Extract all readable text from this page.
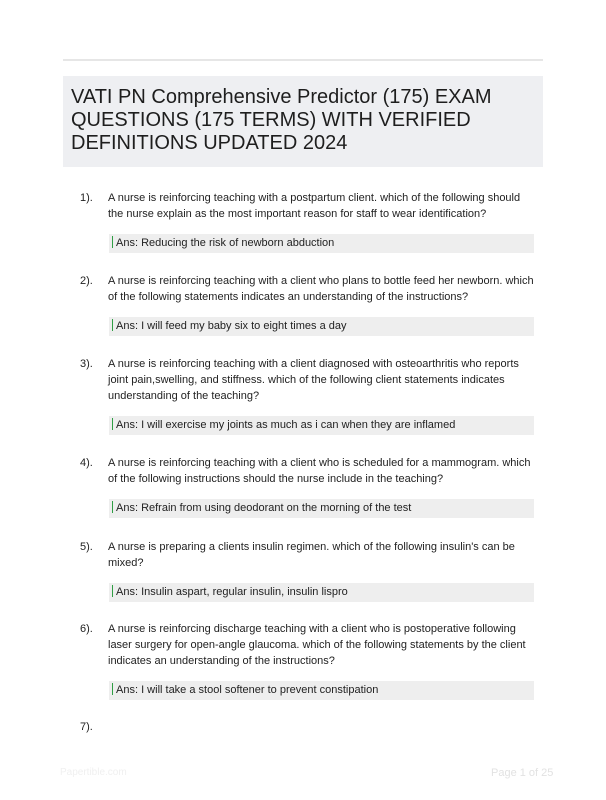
VATI PN Comprehensive Predictor (175) EXAM QUESTIONS (175 TERMS) WITH VERIFIED DEFINITIONS UPDATED 2024
1). A nurse is reinforcing teaching with a postpartum client. which of the following should the nurse explain as the most important reason for staff to wear identification?

Ans: Reducing the risk of newborn abduction
2). A nurse is reinforcing teaching with a client who plans to bottle feed her newborn. which of the following statements indicates an understanding of the instructions?

Ans: I will feed my baby six to eight times a day
3). A nurse is reinforcing teaching with a client diagnosed with osteoarthritis who reports joint pain,swelling, and stiffness. which of the following client statements indicates understanding of the teaching?

Ans: I will exercise my joints as much as i can when they are inflamed
4). A nurse is reinforcing teaching with a client who is scheduled for a mammogram. which of the following instructions should the nurse include in the teaching?

Ans: Refrain from using deodorant on the morning of the test
5). A nurse is preparing a clients insulin regimen. which of the following insulin's can be mixed?

Ans: Insulin aspart, regular insulin, insulin lispro
6). A nurse is reinforcing discharge teaching with a client who is postoperative following laser surgery for open-angle glaucoma. which of the following statements by the client indicates an understanding of the instructions?

Ans: I will take a stool softener to prevent constipation
7).
Papertible.com	Page 1 of 25
